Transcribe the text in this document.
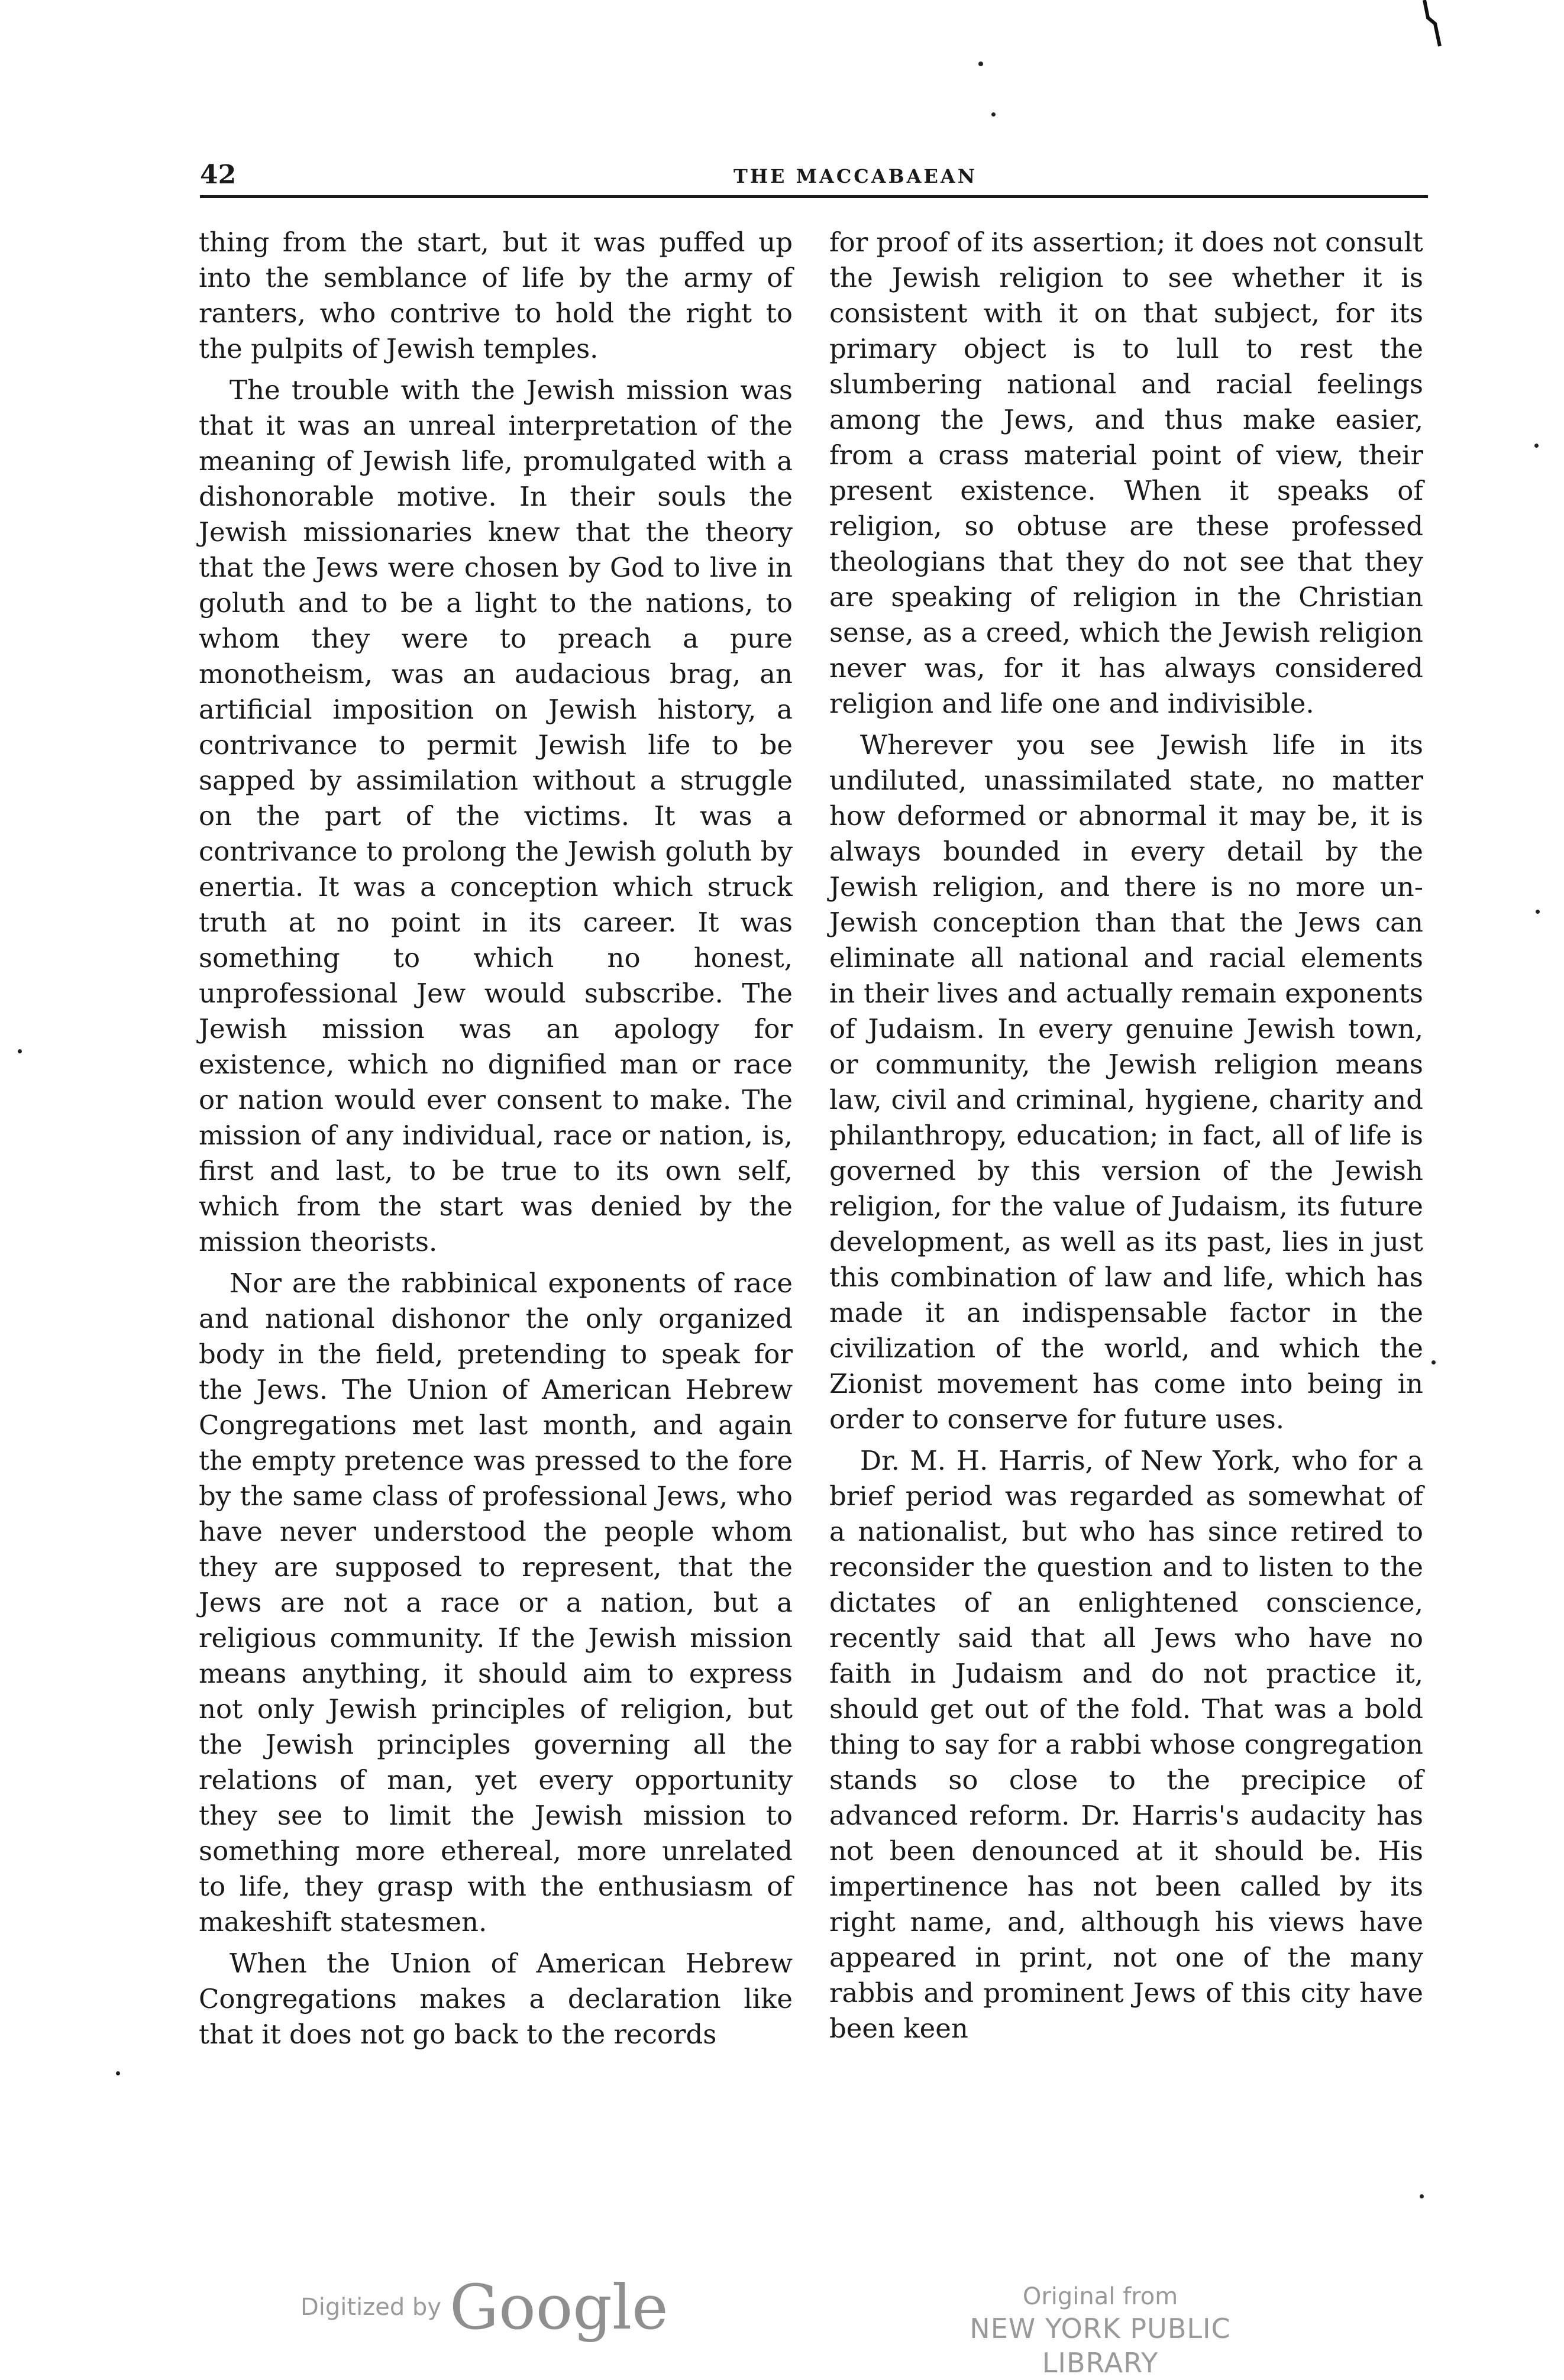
42	THE MACCABAEAN

thing from the start, but it was puffed up into the semblance of life by the army of ranters, who contrive to hold the right to the pulpits of Jewish temples.

The trouble with the Jewish mission was that it was an unreal interpretation of the meaning of Jewish life, promulgated with a dishonorable motive. In their souls the Jewish missionaries knew that the theory that the Jews were chosen by God to live in goluth and to be a light to the nations, to whom they were to preach a pure monotheism, was an audacious brag, an artificial imposition on Jewish history, a contrivance to permit Jewish life to be sapped by assimilation without a struggle on the part of the victims. It was a contrivance to prolong the Jewish goluth by enertia. It was a conception which struck truth at no point in its career. It was something to which no honest, unprofessional Jew would subscribe. The Jewish mission was an apology for existence, which no dignified man or race or nation would ever consent to make. The mission of any individual, race or nation, is, first and last, to be true to its own self, which from the start was denied by the mission theorists.

Nor are the rabbinical exponents of race and national dishonor the only organized body in the field, pretending to speak for the Jews. The Union of American Hebrew Congregations met last month, and again the empty pretence was pressed to the fore by the same class of professional Jews, who have never understood the people whom they are supposed to represent, that the Jews are not a race or a nation, but a religious community. If the Jewish mission means anything, it should aim to express not only Jewish principles of religion, but the Jewish principles governing all the relations of man, yet every opportunity they see to limit the Jewish mission to something more ethereal, more unrelated to life, they grasp with the enthusiasm of makeshift statesmen.

When the Union of American Hebrew Congregations makes a declaration like that it does not go back to the records

for proof of its assertion; it does not consult the Jewish religion to see whether it is consistent with it on that subject, for its primary object is to lull to rest the slumbering national and racial feelings among the Jews, and thus make easier, from a crass material point of view, their present existence. When it speaks of religion, so obtuse are these professed theologians that they do not see that they are speaking of religion in the Christian sense, as a creed, which the Jewish religion never was, for it has always considered religion and life one and indivisible.

Wherever you see Jewish life in its undiluted, unassimilated state, no matter how deformed or abnormal it may be, it is always bounded in every detail by the Jewish religion, and there is no more un-Jewish conception than that the Jews can eliminate all national and racial elements in their lives and actually remain exponents of Judaism. In every genuine Jewish town, or community, the Jewish religion means law, civil and criminal, hygiene, charity and philanthropy, education; in fact, all of life is governed by this version of the Jewish religion, for the value of Judaism, its future development, as well as its past, lies in just this combination of law and life, which has made it an indispensable factor in the civilization of the world, and which the Zionist movement has come into being in order to conserve for future uses.

Dr. M. H. Harris, of New York, who for a brief period was regarded as somewhat of a nationalist, but who has since retired to reconsider the question and to listen to the dictates of an enlightened conscience, recently said that all Jews who have no faith in Judaism and do not practice it, should get out of the fold. That was a bold thing to say for a rabbi whose congregation stands so close to the precipice of advanced reform. Dr. Harris's audacity has not been denounced at it should be. His impertinence has not been called by its right name, and, although his views have appeared in print, not one of the many rabbis and prominent Jews of this city have been keen

Digitized by Google	Original from
NEW YORK PUBLIC LIBRARY
